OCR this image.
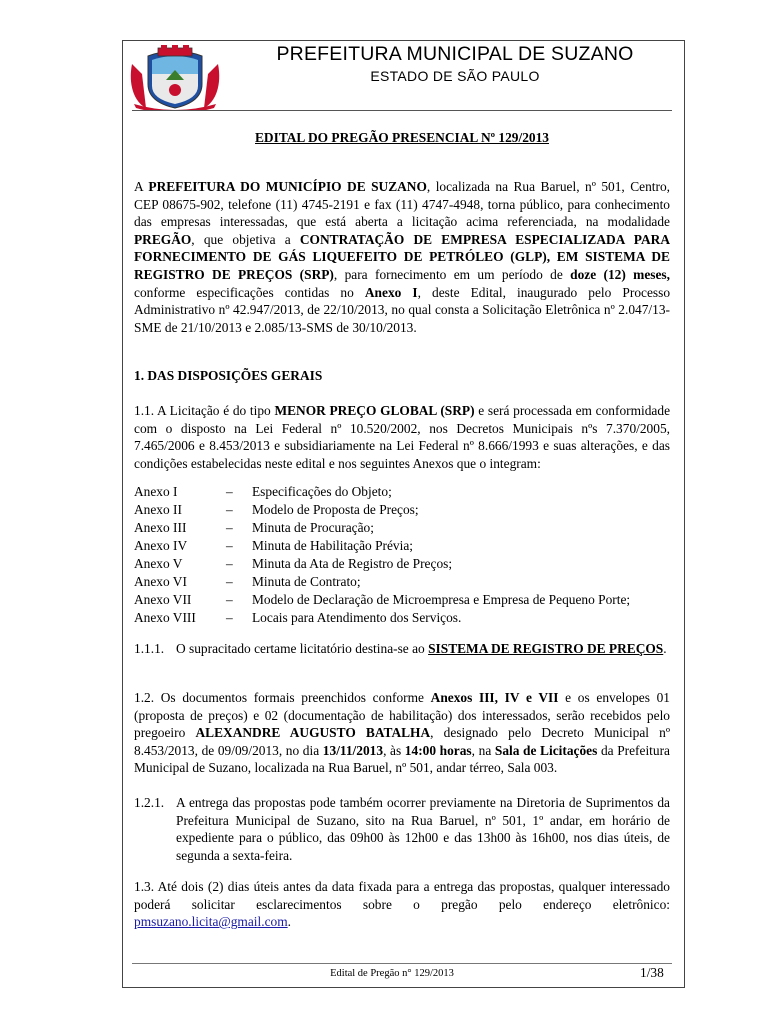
PREFEITURA MUNICIPAL DE SUZANO
ESTADO DE SÃO PAULO
EDITAL DO PREGÃO PRESENCIAL Nº 129/2013

A PREFEITURA DO MUNICÍPIO DE SUZANO, localizada na Rua Baruel, nº 501, Centro, CEP 08675-902, telefone (11) 4745-2191 e fax (11) 4747-4948, torna público, para conhecimento das empresas interessadas, que está aberta a licitação acima referenciada, na modalidade PREGÃO, que objetiva a CONTRATAÇÃO DE EMPRESA ESPECIALIZADA PARA FORNECIMENTO DE GÁS LIQUEFEITO DE PETRÓLEO (GLP), EM SISTEMA DE REGISTRO DE PREÇOS (SRP), para fornecimento em um período de doze (12) meses, conforme especificações contidas no Anexo I, deste Edital, inaugurado pelo Processo Administrativo nº 42.947/2013, de 22/10/2013, no qual consta a Solicitação Eletrônica nº 2.047/13-SME de 21/10/2013 e 2.085/13-SMS de 30/10/2013.

1. DAS DISPOSIÇÕES GERAIS

1.1. A Licitação é do tipo MENOR PREÇO GLOBAL (SRP) e será processada em conformidade com o disposto na Lei Federal nº 10.520/2002, nos Decretos Municipais nºs 7.370/2005, 7.465/2006 e 8.453/2013 e subsidiariamente na Lei Federal nº 8.666/1993 e suas alterações, e das condições estabelecidas neste edital e nos seguintes Anexos que o integram:

Anexo I	–	Especificações do Objeto;
Anexo II	–	Modelo de Proposta de Preços;
Anexo III	–	Minuta de Procuração;
Anexo IV	–	Minuta de Habilitação Prévia;
Anexo V	–	Minuta da Ata de Registro de Preços;
Anexo VI	–	Minuta de Contrato;
Anexo VII	–	Modelo de Declaração de Microempresa e Empresa de Pequeno Porte;
Anexo VIII	–	Locais para Atendimento dos Serviços.
1.1.1. O supracitado certame licitatório destina-se ao SISTEMA DE REGISTRO DE PREÇOS.

1.2. Os documentos formais preenchidos conforme Anexos III, IV e VII e os envelopes 01 (proposta de preços) e 02 (documentação de habilitação) dos interessados, serão recebidos pelo pregoeiro ALEXANDRE AUGUSTO BATALHA, designado pelo Decreto Municipal nº 8.453/2013, de 09/09/2013, no dia 13/11/2013, às 14:00 horas, na Sala de Licitações da Prefeitura Municipal de Suzano, localizada na Rua Baruel, nº 501, andar térreo, Sala 003.

1.2.1. A entrega das propostas pode também ocorrer previamente na Diretoria de Suprimentos da Prefeitura Municipal de Suzano, sito na Rua Baruel, nº 501, 1º andar, em horário de expediente para o público, das 09h00 às 12h00 e das 13h00 às 16h00, nos dias úteis, de segunda a sexta-feira.

1.3. Até dois (2) dias úteis antes da data fixada para a entrega das propostas, qualquer interessado poderá solicitar esclarecimentos sobre o pregão pelo endereço eletrônico: pmsuzano.licita@gmail.com.

Edital de Pregão n° 129/2013	1/38
